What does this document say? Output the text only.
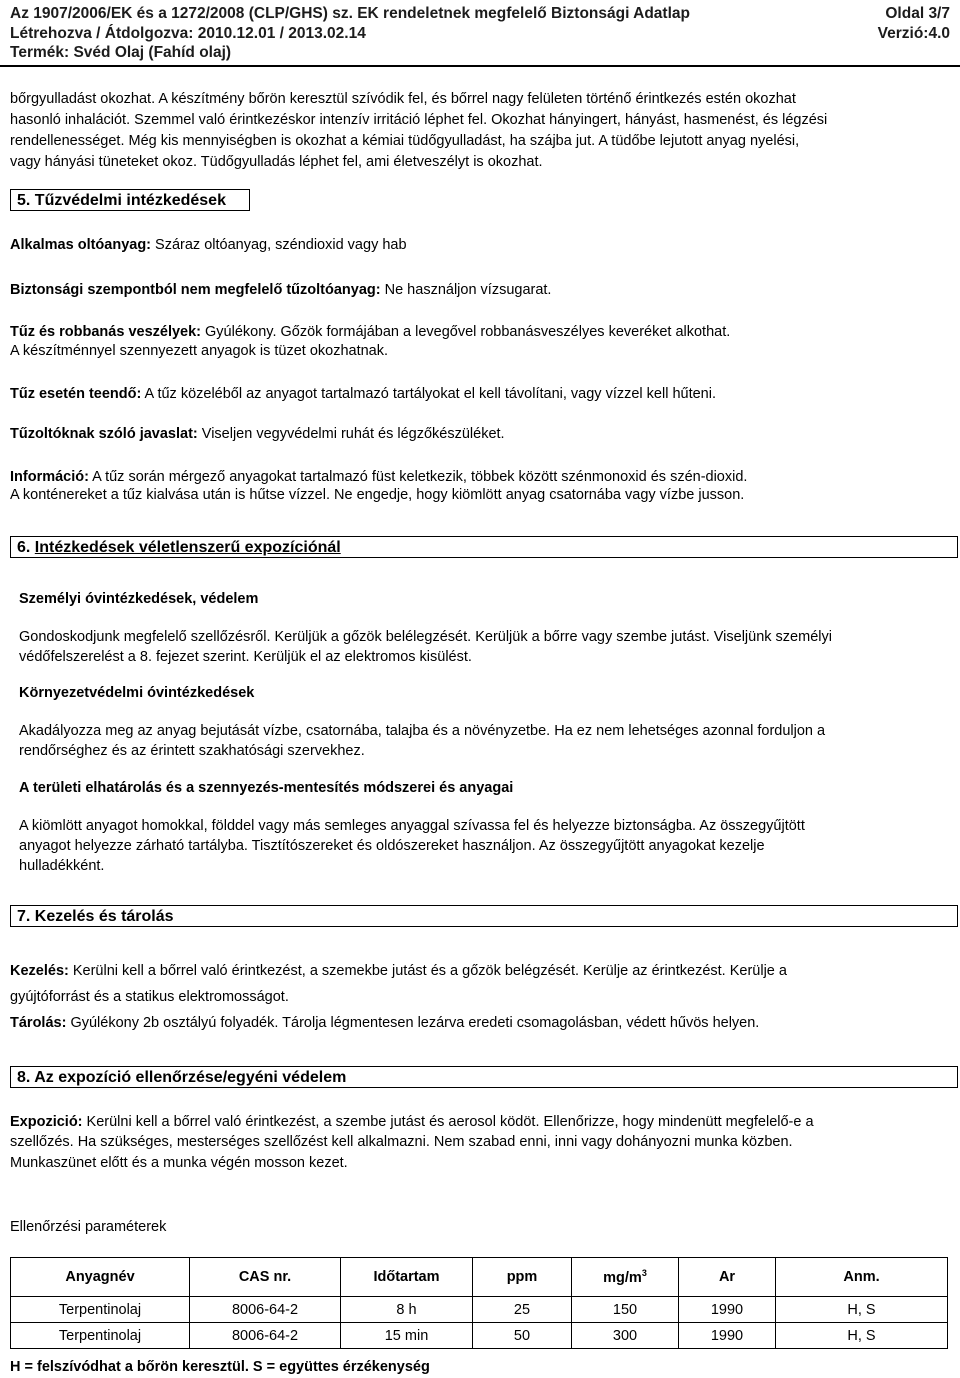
Az 1907/2006/EK és a 1272/2008 (CLP/GHS) sz. EK rendeletnek megfelelő Biztonsági Adatlap	Oldal 3/7
Létrehozva / Átdolgozva: 2010.12.01 / 2013.02.14	Verzió:4.0
Termék: Svéd Olaj (Fahíd olaj)

bőrgyulladást okozhat. A készítmény bőrön keresztül szívódik fel, és bőrrel nagy felületen történő érintkezés estén okozhat

hasonló inhalációt. Szemmel való érintkezéskor intenzív irritáció léphet fel. Okozhat hányingert, hányást, hasmenést, és légzési

rendellenességet. Még kis mennyiségben is okozhat a kémiai tüdőgyulladást, ha szájba jut. A tüdőbe lejutott anyag nyelési,

vagy hányási tüneteket okoz. Tüdőgyulladás léphet fel, ami életveszélyt is okozhat.

5. Tűzvédelmi intézkedések

Alkalmas oltóanyag: Száraz oltóanyag, széndioxid vagy hab

Biztonsági szempontból nem megfelelő tűzoltóanyag: Ne használjon vízsugarat.

Tűz és robbanás veszélyek: Gyúlékony. Gőzök formájában a levegővel robbanásveszélyes keveréket alkothat.

A készítménnyel szennyezett anyagok is tüzet okozhatnak.

Tűz esetén teendő: A tűz közeléből az anyagot tartalmazó tartályokat el kell távolítani, vagy vízzel kell hűteni.

Tűzoltóknak szóló javaslat: Viseljen vegyvédelmi ruhát és légzőkészüléket.

Információ: A tűz során mérgező anyagokat tartalmazó füst keletkezik, többek között szénmonoxid és szén-dioxid.

A konténereket a tűz kialvása után is hűtse vízzel. Ne engedje, hogy kiömlött anyag csatornába vagy vízbe jusson.

6. Intézkedések véletlenszerű expozíciónál
Személyi óvintézkedések, védelem

Gondoskodjunk megfelelő szellőzésről. Kerüljük a gőzök belélegzését. Kerüljük a bőrre vagy szembe jutást. Viseljünk személyi

védőfelszerelést a 8. fejezet szerint. Kerüljük el az elektromos kisülést.

Környezetvédelmi óvintézkedések

Akadályozza meg az anyag bejutását vízbe, csatornába, talajba és a növényzetbe. Ha ez nem lehetséges azonnal forduljon a

rendőrséghez és az érintett szakhatósági szervekhez.

A területi elhatárolás és a szennyezés-mentesítés módszerei és anyagai

A kiömlött anyagot homokkal, földdel vagy más semleges anyaggal szívassa fel és helyezze biztonságba. Az összegyűjtött

anyagot helyezze zárható tartályba. Tisztítószereket és oldószereket használjon. Az összegyűjtött anyagokat kezelje

hulladékként.

7. Kezelés és tárolás

Kezelés: Kerülni kell a bőrrel való érintkezést, a szemekbe jutást és a gőzök belégzését. Kerülje az érintkezést. Kerülje a

gyújtóforrást és a statikus elektromosságot.

Tárolás: Gyúlékony 2b osztályú folyadék. Tárolja légmentesen lezárva eredeti csomagolásban, védett hűvös helyen.

8. Az expozíció ellenőrzése/egyéni védelem

Expozició: Kerülni kell a bőrrel való érintkezést, a szembe jutást és aerosol ködöt. Ellenőrizze, hogy mindenütt megfelelő-e a

szellőzés. Ha szükséges, mesterséges szellőzést kell alkalmazni. Nem szabad enni, inni vagy dohányozni munka közben.

Munkaszünet előtt és a munka végén mosson kezet.

Ellenőrzési paraméterek

Anyagnév	CAS nr.	Időtartam	ppm	$mg/m^3$	Ar	Anm.
Terpentinolaj	8006-64-2	8 h	25	150	1990	H, S
Terpentinolaj	8006-64-2	15 min	50	300	1990	H, S

H = felszívódhat a bőrön keresztül. S = együttes érzékenység
